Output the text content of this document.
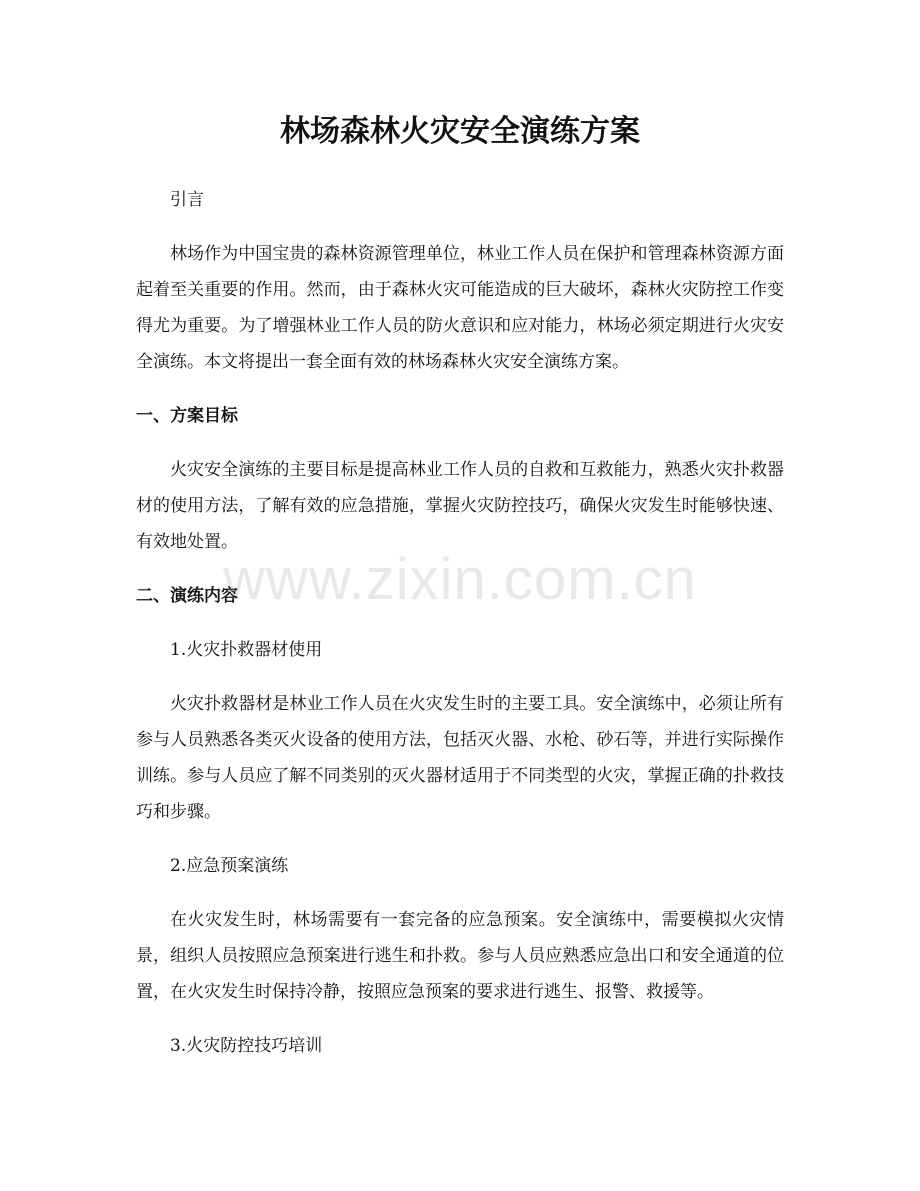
林场森林火灾安全演练方案

引言

林场作为中国宝贵的森林资源管理单位，林业工作人员在保护和管理森林资源方面起着至关重要的作用。然而，由于森林火灾可能造成的巨大破坏，森林火灾防控工作变得尤为重要。为了增强林业工作人员的防火意识和应对能力，林场必须定期进行火灾安全演练。本文将提出一套全面有效的林场森林火灾安全演练方案。

一、方案目标

火灾安全演练的主要目标是提高林业工作人员的自救和互救能力，熟悉火灾扑救器材的使用方法，了解有效的应急措施，掌握火灾防控技巧，确保火灾发生时能够快速、有效地处置。

二、演练内容

1.火灾扑救器材使用

火灾扑救器材是林业工作人员在火灾发生时的主要工具。安全演练中，必须让所有参与人员熟悉各类灭火设备的使用方法，包括灭火器、水枪、砂石等，并进行实际操作训练。参与人员应了解不同类别的灭火器材适用于不同类型的火灾，掌握正确的扑救技巧和步骤。

2.应急预案演练

在火灾发生时，林场需要有一套完备的应急预案。安全演练中，需要模拟火灾情景，组织人员按照应急预案进行逃生和扑救。参与人员应熟悉应急出口和安全通道的位置，在火灾发生时保持冷静，按照应急预案的要求进行逃生、报警、救援等。

3.火灾防控技巧培训

www.zixin.com.cn
